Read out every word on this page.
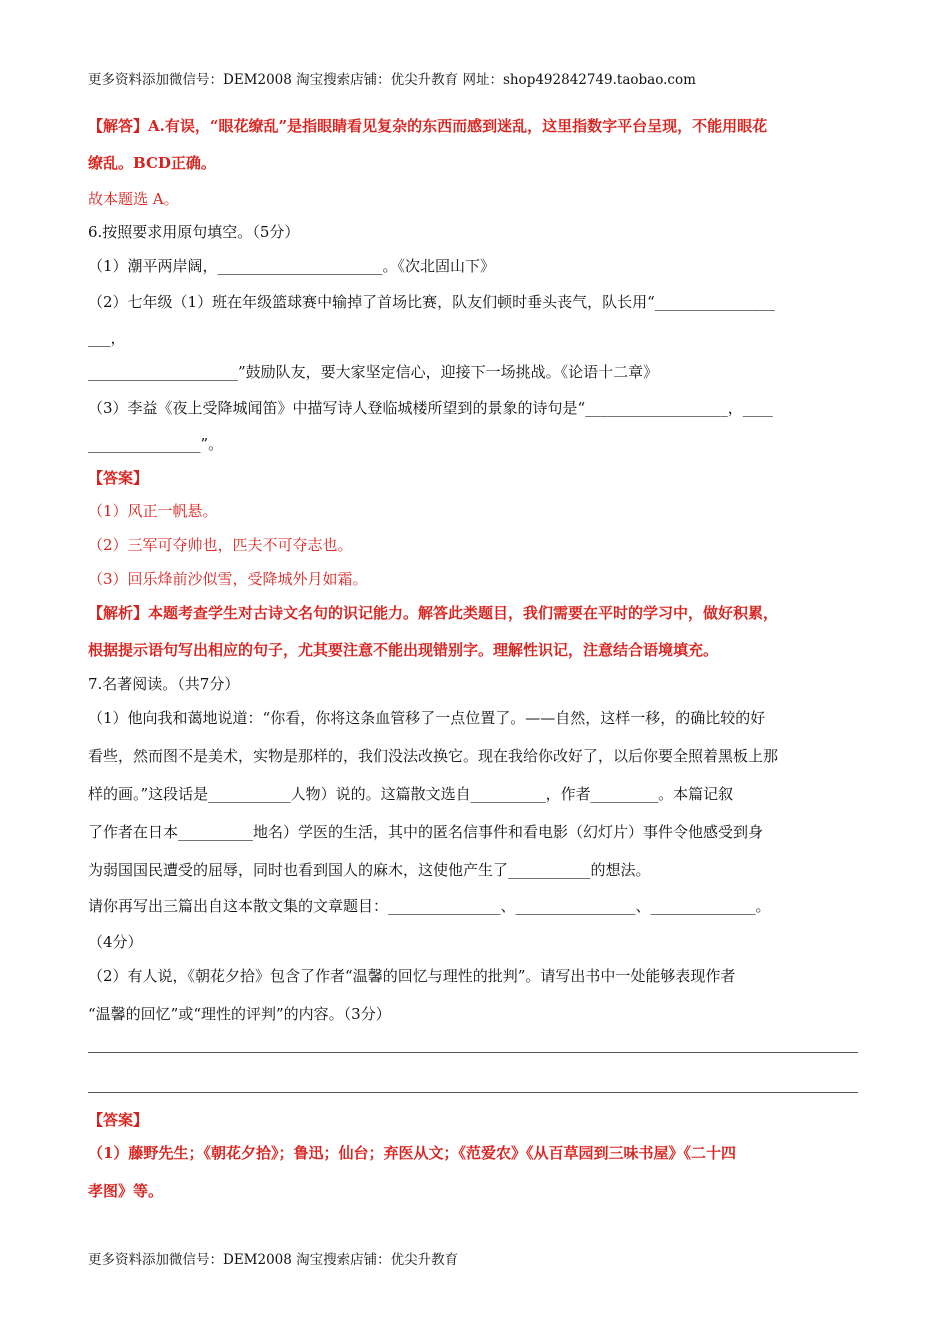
更多资料添加微信号：DEM2008 淘宝搜索店铺：优尖升教育 网址：shop492842749.taobao.com
【解答】A.有误，“眼花缭乱”是指眼睛看见复杂的东西而感到迷乱，这里指数字平台呈现，不能用眼花
缭乱。BCD正确。
故本题选 A。
6.按照要求用原句填空。（5分）
（1）潮平两岸阔，______________________。《次北固山下》
（2）七年级（1）班在年级篮球赛中输掉了首场比赛，队友们顿时垂头丧气，队长用“________________
___，
____________________”鼓励队友，要大家坚定信心，迎接下一场挑战。《论语十二章》
（3）李益《夜上受降城闻笛》中描写诗人登临城楼所望到的景象的诗句是“___________________，____
_______________”。
【答案】
（1）风正一帆悬。
（2）三军可夺帅也，匹夫不可夺志也。
（3）回乐烽前沙似雪，受降城外月如霜。
【解析】本题考查学生对古诗文名句的识记能力。解答此类题目，我们需要在平时的学习中，做好积累，
根据提示语句写出相应的句子，尤其要注意不能出现错别字。理解性识记，注意结合语境填充。
7.名著阅读。（共7分）
（1）他向我和蔼地说道：“你看，你将这条血管移了一点位置了。——自然，这样一移，的确比较的好
看些，然而图不是美术，实物是那样的，我们没法改换它。现在我给你改好了，以后你要全照着黑板上那
样的画。”这段话是___________人物）说的。这篇散文选自__________，作者_________。本篇记叙
了作者在日本__________地名）学医的生活，其中的匿名信事件和看电影（幻灯片）事件令他感受到身
为弱国国民遭受的屈辱，同时也看到国人的麻木，这使他产生了___________的想法。
请你再写出三篇出自这本散文集的文章题目：_______________、________________、______________。
（4分）
（2）有人说，《朝花夕拾》包含了作者“温馨的回忆与理性的批判”。请写出书中一处能够表现作者
“温馨的回忆”或“理性的评判”的内容。（3分）
【答案】
（1）藤野先生；《朝花夕拾》；鲁迅；仙台；弃医从文；《范爱农》《从百草园到三味书屋》《二十四
孝图》等。
更多资料添加微信号：DEM2008 淘宝搜索店铺：优尖升教育
